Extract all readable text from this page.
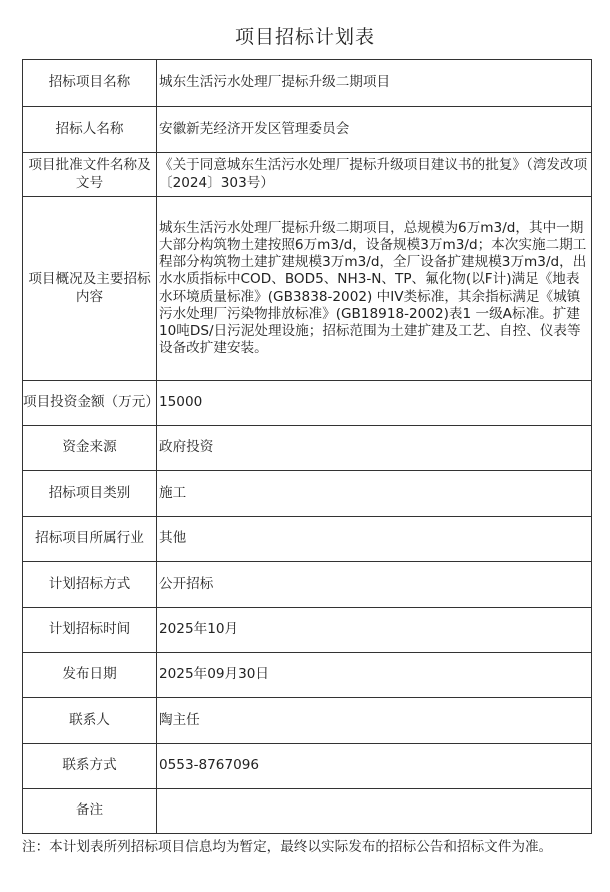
项目招标计划表
招标项目名称	城东生活污水处理厂提标升级二期项目
招标人名称	安徽新芜经济开发区管理委员会
项目批准文件名称及文号	《关于同意城东生活污水处理厂提标升级项目建议书的批复》（湾发改项〔2024〕303号）
项目概况及主要招标内容	城东生活污水处理厂提标升级二期项目，总规模为6万m3/d，其中一期大部分构筑物土建按照6万m3/d，设备规模3万m3/d；本次实施二期工程部分构筑物土建扩建规模3万m3/d，全厂设备扩建规模3万m3/d，出水水质指标中COD、BOD5、NH3-N、TP、氟化物(以F计)满足《地表水环境质量标准》(GB3838-2002) 中IV类标准，其余指标满足《城镇污水处理厂污染物排放标准》(GB18918-2002)表1 一级A标准。扩建10吨DS/日污泥处理设施；招标范围为土建扩建及工艺、自控、仪表等设备改扩建安装。
项目投资金额（万元）	15000
资金来源	政府投资
招标项目类别	施工
招标项目所属行业	其他
计划招标方式	公开招标
计划招标时间	2025年10月
发布日期	2025年09月30日
联系人	陶主任
联系方式	0553-8767096
备注	
注：本计划表所列招标项目信息均为暂定，最终以实际发布的招标公告和招标文件为准。
